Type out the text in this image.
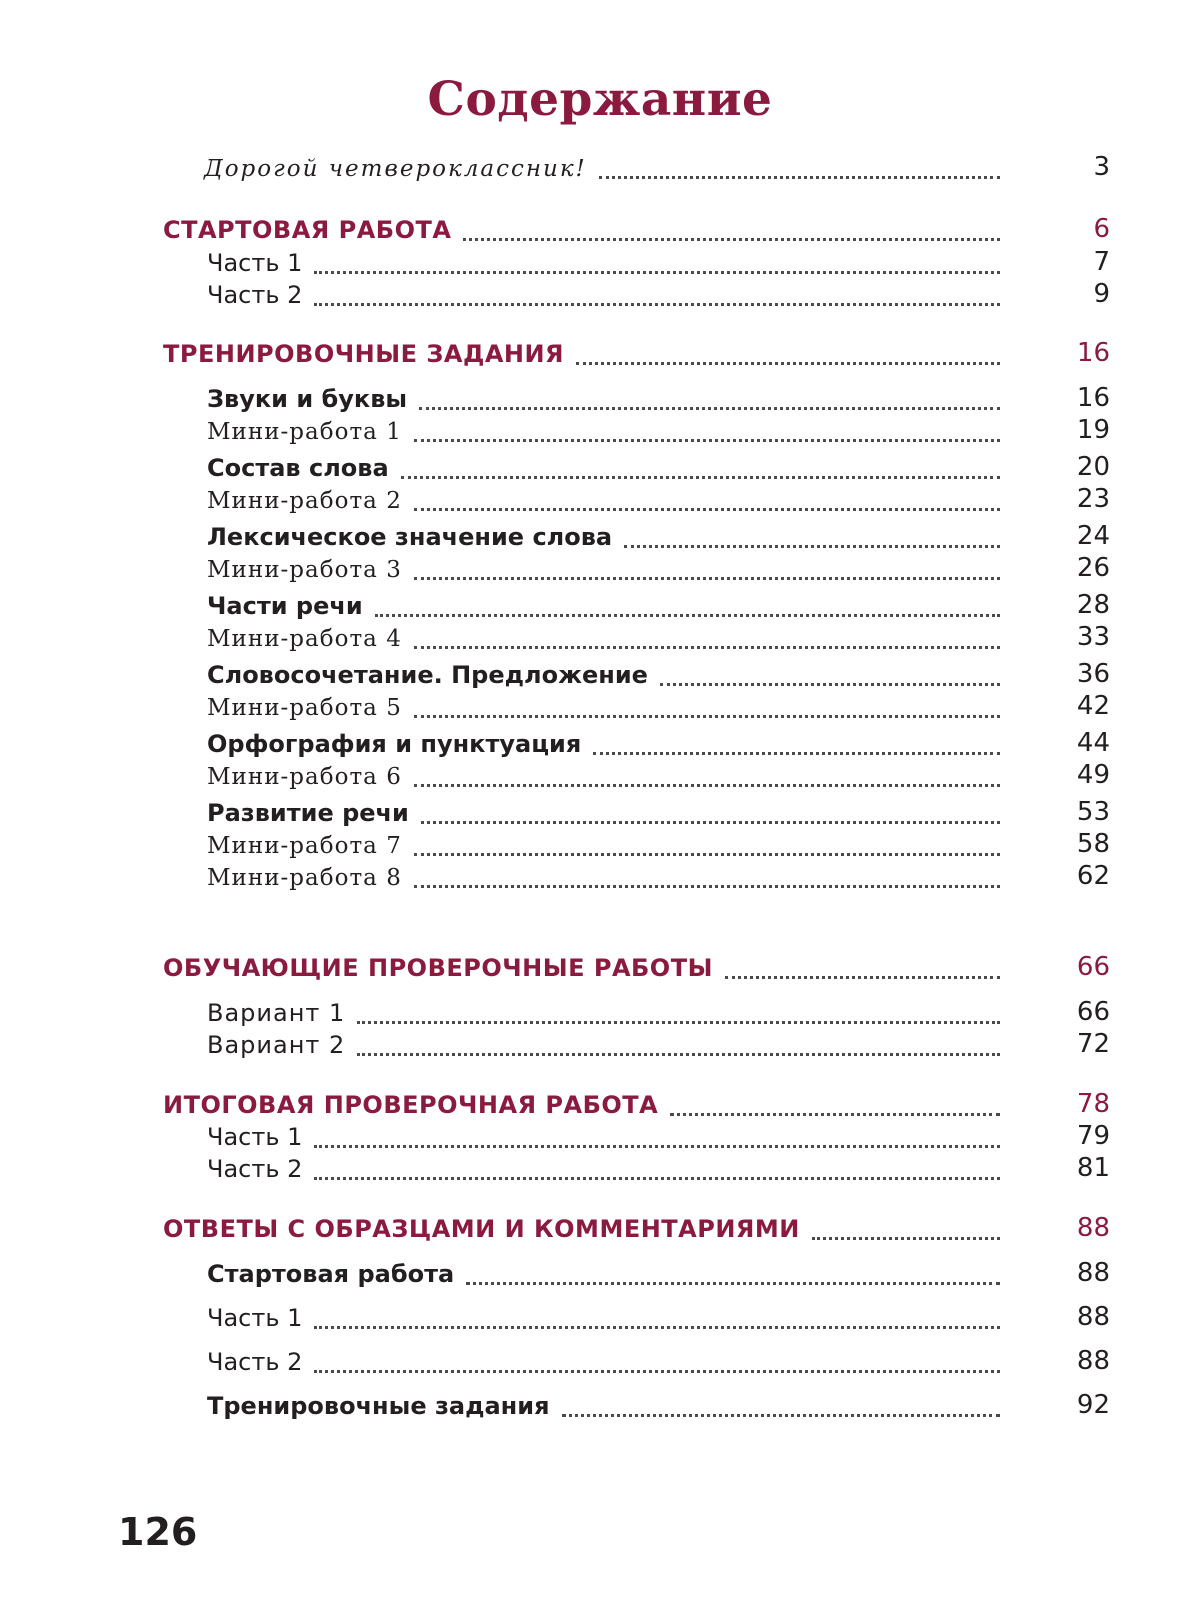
Содержание
Дорогой четвероклассник!	3
СТАРТОВАЯ РАБОТА	6
Часть 1	7
Часть 2	9
ТРЕНИРОВОЧНЫЕ ЗАДАНИЯ	16
Звуки и буквы	16
Мини-работа 1	19
Состав слова	20
Мини-работа 2	23
Лексическое значение слова	24
Мини-работа 3	26
Части речи	28
Мини-работа 4	33
Словосочетание. Предложение	36
Мини-работа 5	42
Орфография и пунктуация	44
Мини-работа 6	49
Развитие речи	53
Мини-работа 7	58
Мини-работа 8	62
ОБУЧАЮЩИЕ ПРОВЕРОЧНЫЕ РАБОТЫ	66
Вариант 1	66
Вариант 2	72
ИТОГОВАЯ ПРОВЕРОЧНАЯ РАБОТА	78
Часть 1	79
Часть 2	81
ОТВЕТЫ С ОБРАЗЦАМИ И КОММЕНТАРИЯМИ	88
Стартовая работа	88
Часть 1	88
Часть 2	88
Тренировочные задания	92
126
